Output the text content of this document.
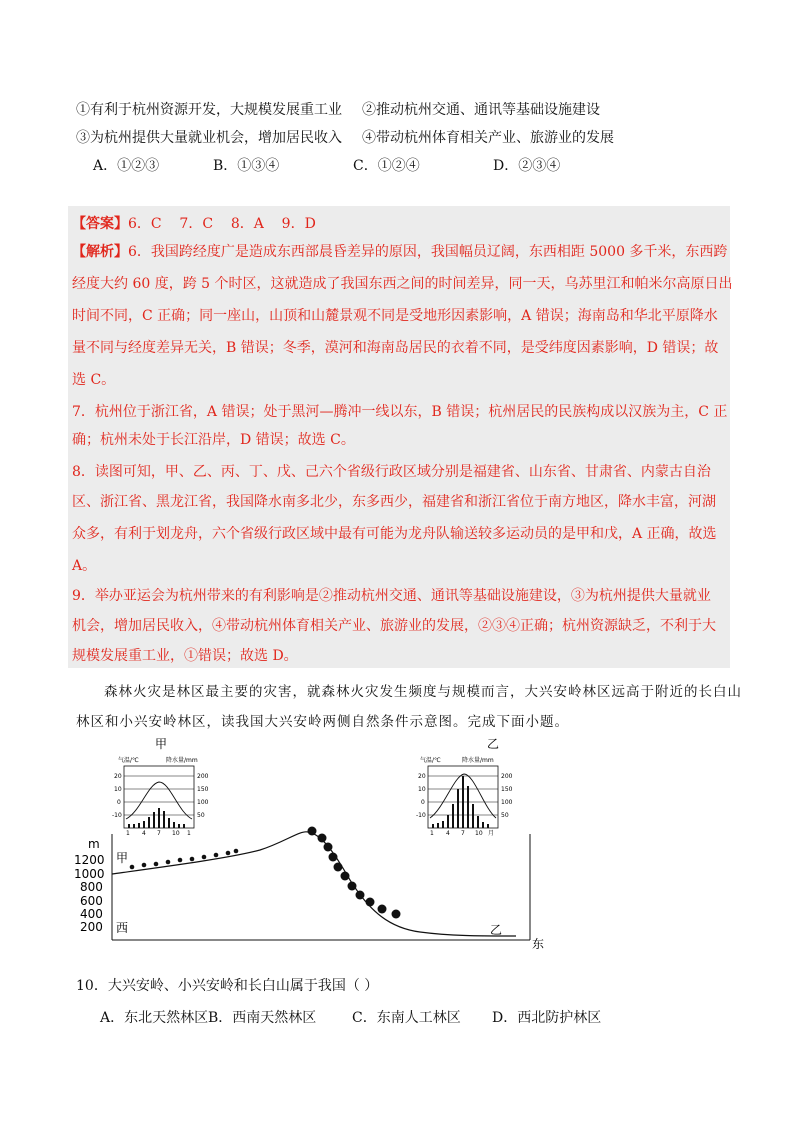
①有利于杭州资源开发，大规模发展重工业 ②推动杭州交通、通讯等基础设施建设
③为杭州提供大量就业机会，增加居民收入 ④带动杭州体育相关产业、旅游业的发展
A．①②③	B．①③④	C．①②④	D．②③④
【答案】6．C    7．C    8．A    9．D
【解析】6．我国跨经度广是造成东西部晨昏差异的原因，我国幅员辽阔，东西相距 5000 多千米，东西跨
经度大约 60 度，跨 5 个时区，这就造成了我国东西之间的时间差异，同一天，乌苏里江和帕米尔高原日出
时间不同，C 正确；同一座山，山顶和山麓景观不同是受地形因素影响，A 错误；海南岛和华北平原降水
量不同与经度差异无关，B 错误；冬季，漠河和海南岛居民的衣着不同，是受纬度因素影响，D 错误；故
选 C。
7．杭州位于浙江省，A 错误；处于黑河—腾冲一线以东，B 错误；杭州居民的民族构成以汉族为主，C 正
确；杭州未处于长江沿岸，D 错误；故选 C。
8．读图可知，甲、乙、丙、丁、戊、己六个省级行政区域分别是福建省、山东省、甘肃省、内蒙古自治
区、浙江省、黑龙江省，我国降水南多北少，东多西少，福建省和浙江省位于南方地区，降水丰富，河湖
众多，有利于划龙舟，六个省级行政区域中最有可能为龙舟队输送较多运动员的是甲和戊，A 正确，故选
A。
9．举办亚运会为杭州带来的有利影响是②推动杭州交通、通讯等基础设施建设，③为杭州提供大量就业
机会，增加居民收入，④带动杭州体育相关产业、旅游业的发展，②③④正确；杭州资源缺乏，不利于大
规模发展重工业，①错误；故选 D。
森林火灾是林区最主要的灾害，就森林火灾发生频度与规模而言，大兴安岭林区远高于附近的长白山
林区和小兴安岭林区，读我国大兴安岭两侧自然条件示意图。完成下面小题。
甲
气温/℃	降水量/mm
20
10
0
-10
200
150
100
50
1 4 7 10 1
乙
气温/℃	降水量/mm
20
10
0
-10
200
150
100
50
1 4 7 10 月
m
1200
1000
800
600
400
200
甲
西	乙
东
10．大兴安岭、小兴安岭和长白山属于我国（ ）
A．东北天然林区 B．西南天然林区	C．东南人工林区 D．西北防护林区
